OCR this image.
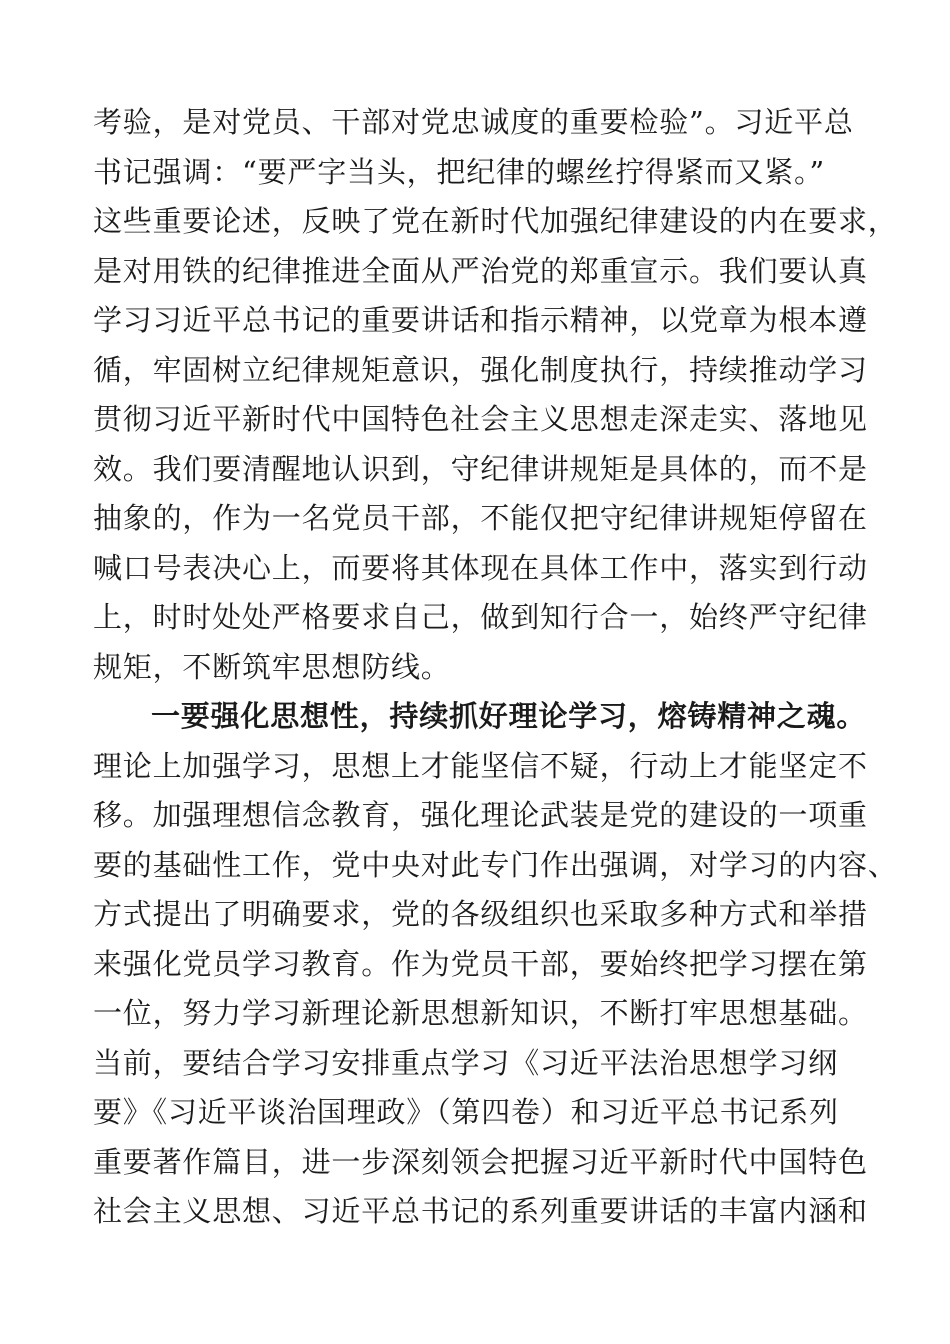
考验，是对党员、干部对党忠诚度的重要检验”。习近平总
书记强调：“要严字当头，把纪律的螺丝拧得紧而又紧。”
这些重要论述，反映了党在新时代加强纪律建设的内在要求，
是对用铁的纪律推进全面从严治党的郑重宣示。我们要认真
学习习近平总书记的重要讲话和指示精神，以党章为根本遵
循，牢固树立纪律规矩意识，强化制度执行，持续推动学习
贯彻习近平新时代中国特色社会主义思想走深走实、落地见
效。我们要清醒地认识到，守纪律讲规矩是具体的，而不是
抽象的，作为一名党员干部，不能仅把守纪律讲规矩停留在
喊口号表决心上，而要将其体现在具体工作中，落实到行动
上，时时处处严格要求自己，做到知行合一，始终严守纪律
规矩，不断筑牢思想防线。
一要强化思想性，持续抓好理论学习，熔铸精神之魂。
理论上加强学习，思想上才能坚信不疑，行动上才能坚定不
移。加强理想信念教育，强化理论武装是党的建设的一项重
要的基础性工作，党中央对此专门作出强调，对学习的内容、
方式提出了明确要求，党的各级组织也采取多种方式和举措
来强化党员学习教育。作为党员干部，要始终把学习摆在第
一位，努力学习新理论新思想新知识，不断打牢思想基础。
当前，要结合学习安排重点学习《习近平法治思想学习纲
要》《习近平谈治国理政》（第四卷）和习近平总书记系列
重要著作篇目，进一步深刻领会把握习近平新时代中国特色
社会主义思想、习近平总书记的系列重要讲话的丰富内涵和
